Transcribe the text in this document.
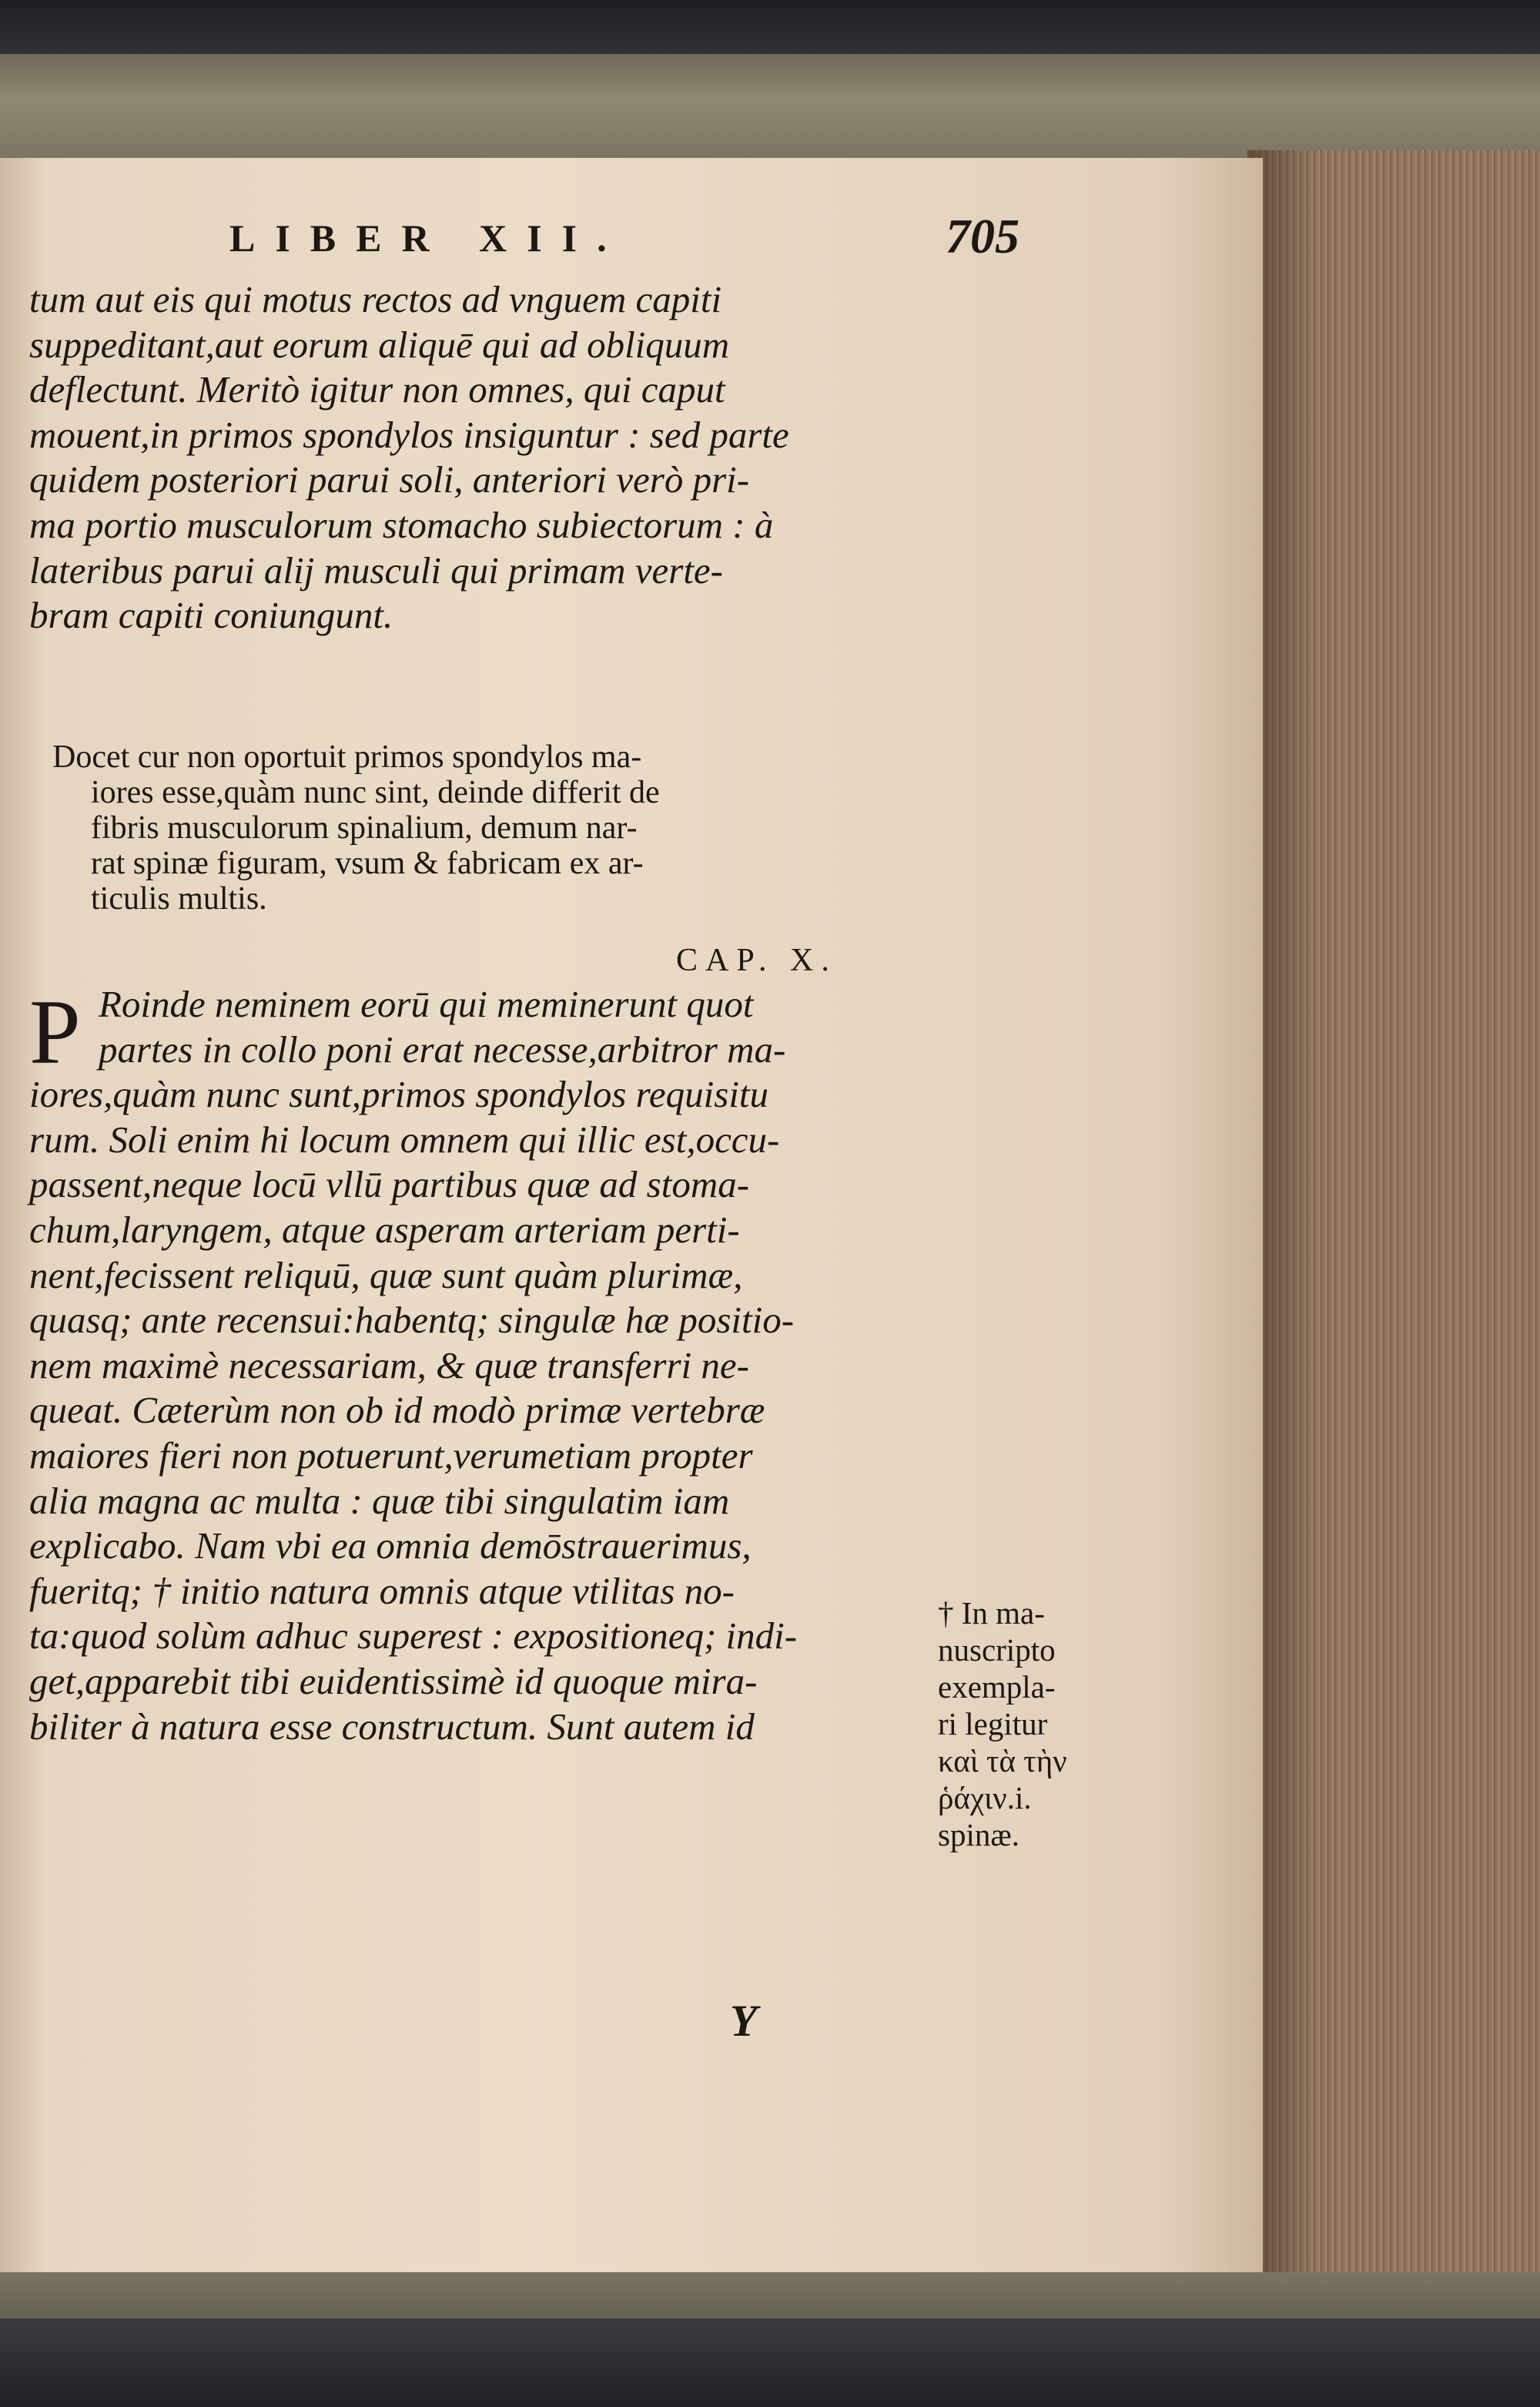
LIBER XII.	705
tum aut eis qui motus rectos ad vnguem capiti
suppeditant,aut eorum aliquē qui ad obliquum
deflectunt. Meritò igitur non omnes, qui caput
mouent,in primos spondylos insiguntur : sed parte
quidem posteriori parui soli, anteriori verò pri-
ma portio musculorum stomacho subiectorum : à
lateribus parui alij musculi qui primam verte-
bram capiti coniungunt.
Docet cur non oportuit primos spondylos ma-
iores esse,quàm nunc sint, deinde differit de
fibris musculorum spinalium, demum nar-
rat spinæ figuram, vsum & fabricam ex ar-
ticulis multis.
CAP. X.
P Roinde neminem eorū qui meminerunt quot
partes in collo poni erat necesse,arbitror ma-
iores,quàm nunc sunt,primos spondylos requisitu
rum. Soli enim hi locum omnem qui illic est,occu-
passent,neque locū vllū partibus quæ ad stoma-
chum,laryngem, atque asperam arteriam perti-
nent,fecissent reliquū, quæ sunt quàm plurimæ,
quasq; ante recensui:habentq; singulæ hæ positio-
nem maximè necessariam, & quæ transferri ne-
queat. Cæterùm non ob id modò primæ vertebræ
maiores fieri non potuerunt,verumetiam propter
alia magna ac multa : quæ tibi singulatim iam
explicabo. Nam vbi ea omnia demōstrauerimus,
fueritq; † initio natura omnis atque vtilitas no-
ta:quod solùm adhuc superest : expositioneq; indi-
get,apparebit tibi euidentissimè id quoque mira-
biliter à natura esse constructum. Sunt autem id
† In ma-
nuscripto
exempla-
ri legitur
καὶ τὰ τὴν
ῥάχιν.i.
spinæ.
Y
